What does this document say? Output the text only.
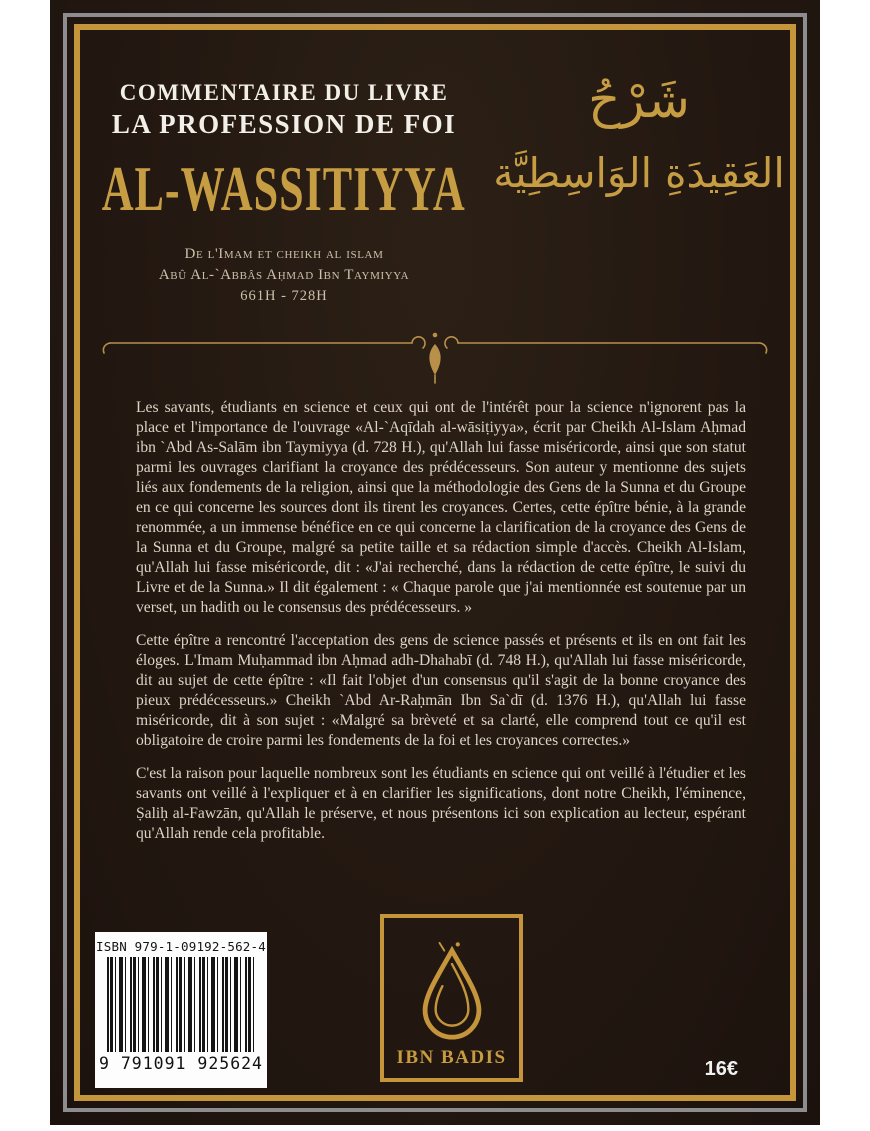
COMMENTAIRE DU LIVRE
LA PROFESSION DE FOI
AL-WASSITIYYA
De l'Imam et cheikh al islam
Abû Al-`Abbâs Aḥmad Ibn Taymiyya
661H - 728H
شَرْحُ
العَقِيدَةِ الوَاسِطِيَّة

Les savants, étudiants en science et ceux qui ont de l'intérêt pour la science n'ignorent pas la place et l'importance de l'ouvrage «Al-`Aqīdah al-wāsiṭiyya», écrit par Cheikh Al-Islam Aḥmad ibn `Abd As-Salām ibn Taymiyya (d. 728 H.), qu'Allah lui fasse miséricorde, ainsi que son statut parmi les ouvrages clarifiant la croyance des prédécesseurs. Son auteur y mentionne des sujets liés aux fondements de la religion, ainsi que la méthodologie des Gens de la Sunna et du Groupe en ce qui concerne les sources dont ils tirent les croyances. Certes, cette épître bénie, à la grande renommée, a un immense bénéfice en ce qui concerne la clarification de la croyance des Gens de la Sunna et du Groupe, malgré sa petite taille et sa rédaction simple d'accès. Cheikh Al-Islam, qu'Allah lui fasse miséricorde, dit : «J'ai recherché, dans la rédaction de cette épître, le suivi du Livre et de la Sunna.» Il dit également : « Chaque parole que j'ai mentionnée est soutenue par un verset, un hadith ou le consensus des prédécesseurs. »

Cette épître a rencontré l'acceptation des gens de science passés et présents et ils en ont fait les éloges. L'Imam Muḥammad ibn Aḥmad adh-Dhahabī (d. 748 H.), qu'Allah lui fasse miséricorde, dit au sujet de cette épître : «Il fait l'objet d'un consensus qu'il s'agit de la bonne croyance des pieux prédécesseurs.» Cheikh `Abd Ar-Raḥmān Ibn Sa`dī (d. 1376 H.), qu'Allah lui fasse miséricorde, dit à son sujet : «Malgré sa brèveté et sa clarté, elle comprend tout ce qu'il est obligatoire de croire parmi les fondements de la foi et les croyances correctes.»

C'est la raison pour laquelle nombreux sont les étudiants en science qui ont veillé à l'étudier et les savants ont veillé à l'expliquer et à en clarifier les significations, dont notre Cheikh, l'éminence, Ṣaliḥ al-Fawzān, qu'Allah le préserve, et nous présentons ici son explication au lecteur, espérant qu'Allah rende cela profitable.

ISBN 979-1-09192-562-4
9 791091 925624	IBN BADIS
16€
